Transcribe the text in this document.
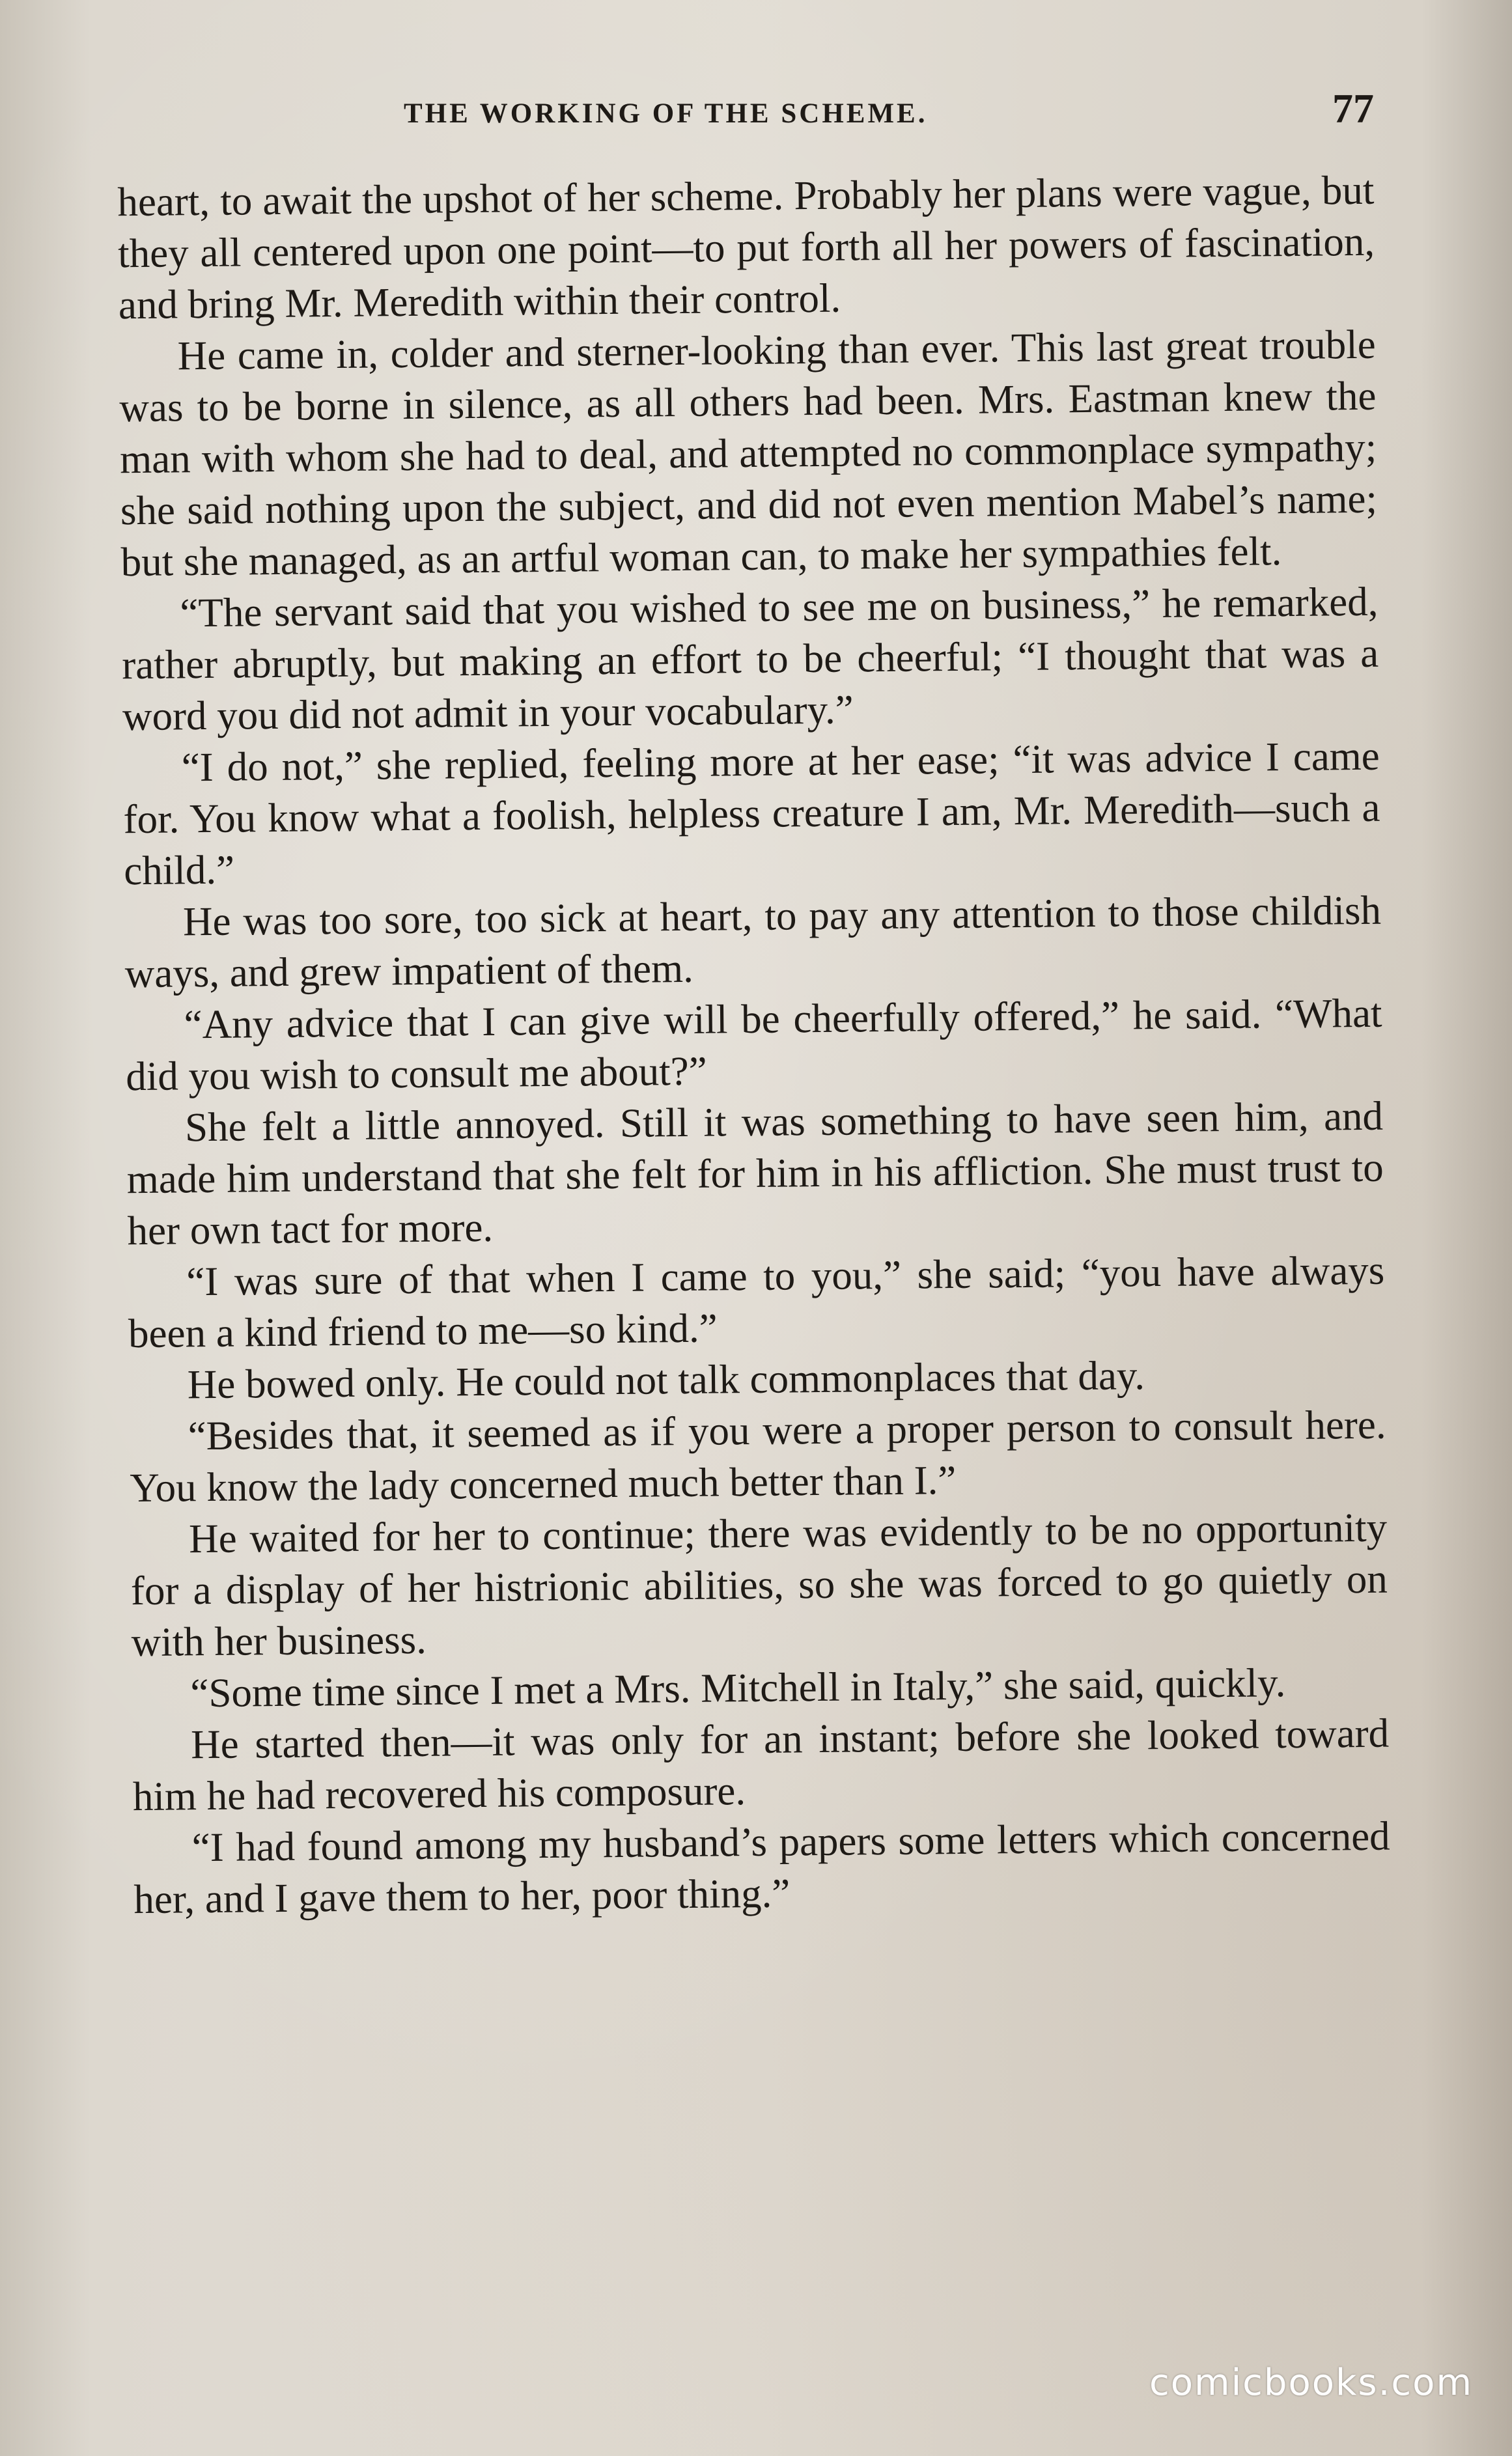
THE WORKING OF THE SCHEME.	77

heart, to await the upshot of her scheme. Probably her plans were vague, but they all centered upon one point—to put forth all her powers of fascination, and bring Mr. Meredith within their control.

He came in, colder and sterner-looking than ever. This last great trouble was to be borne in silence, as all others had been. Mrs. Eastman knew the man with whom she had to deal, and attempted no commonplace sympathy; she said nothing upon the subject, and did not even mention Mabel’s name; but she managed, as an artful woman can, to make her sympathies felt.

“The servant said that you wished to see me on business,” he remarked, rather abruptly, but making an effort to be cheerful; “I thought that was a word you did not admit in your vocabulary.”

“I do not,” she replied, feeling more at her ease; “it was advice I came for. You know what a foolish, helpless creature I am, Mr. Meredith—such a child.”

He was too sore, too sick at heart, to pay any attention to those childish ways, and grew impatient of them.

“Any advice that I can give will be cheerfully offered,” he said. “What did you wish to consult me about?”

She felt a little annoyed. Still it was something to have seen him, and made him understand that she felt for him in his affliction. She must trust to her own tact for more.

“I was sure of that when I came to you,” she said; “you have always been a kind friend to me—so kind.”

He bowed only. He could not talk commonplaces that day.

“Besides that, it seemed as if you were a proper person to consult here. You know the lady concerned much better than I.”

He waited for her to continue; there was evidently to be no opportunity for a display of her histrionic abilities, so she was forced to go quietly on with her business.

“Some time since I met a Mrs. Mitchell in Italy,” she said, quickly.

He started then—it was only for an instant; before she looked toward him he had recovered his composure.

“I had found among my husband’s papers some letters which concerned her, and I gave them to her, poor thing.”

comicbooks.com
